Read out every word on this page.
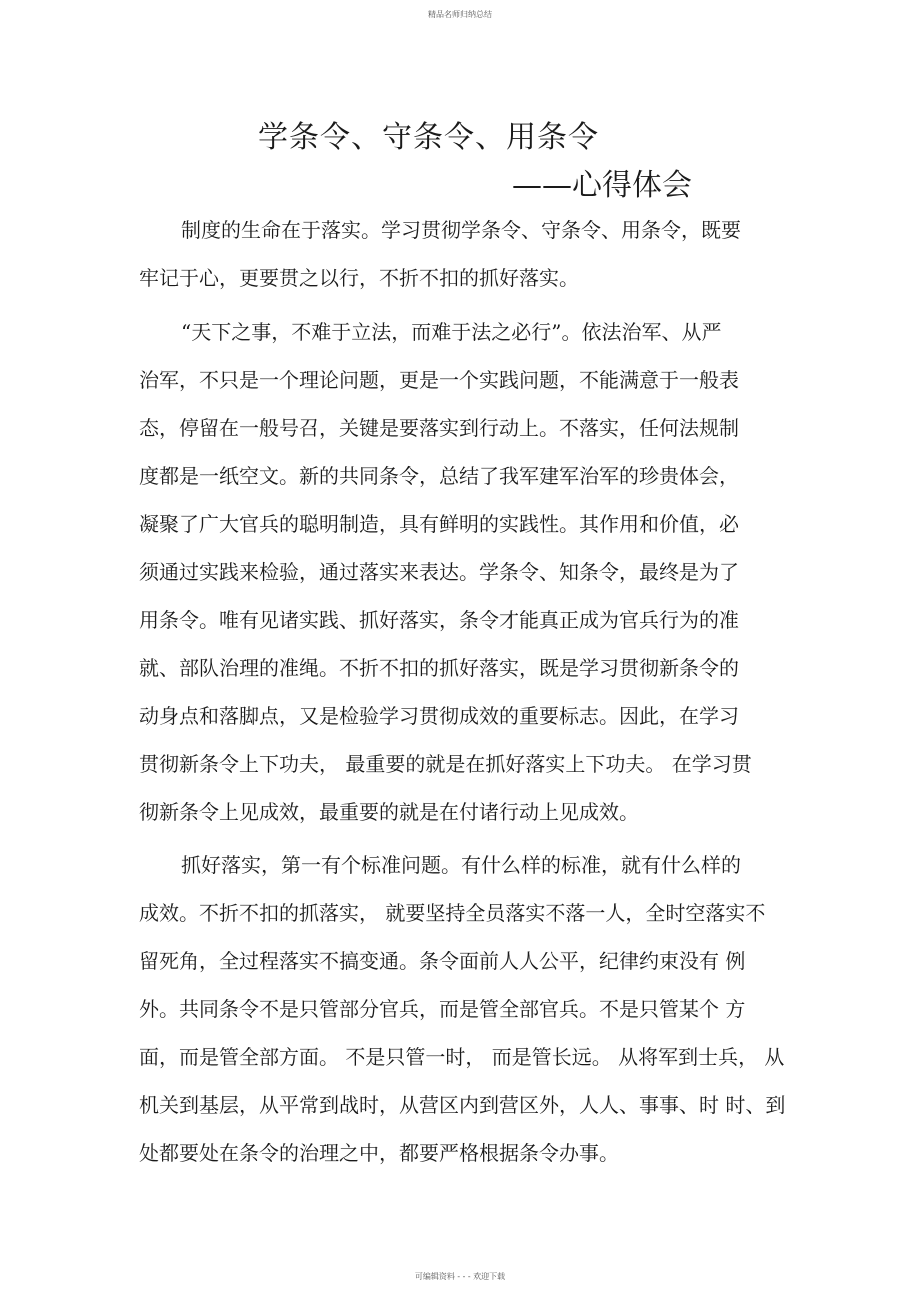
精品名师归纳总结
学条令、守条令、用条令
——心得体会
制度的生命在于落实。学习贯彻学条令、守条令、用条令，既要
牢记于心，更要贯之以行，不折不扣的抓好落实。
“天下之事，不难于立法，而难于法之必行”。依法治军、从严
治军，不只是一个理论问题，更是一个实践问题，不能满意于一般表
态，停留在一般号召，关键是要落实到行动上。不落实，任何法规制
度都是一纸空文。新的共同条令，总结了我军建军治军的珍贵体会，
凝聚了广大官兵的聪明制造，具有鲜明的实践性。其作用和价值，必
须通过实践来检验，通过落实来表达。学条令、知条令，最终是为了
用条令。唯有见诸实践、抓好落实，条令才能真正成为官兵行为的准
就、部队治理的准绳。不折不扣的抓好落实，既是学习贯彻新条令的
动身点和落脚点，又是检验学习贯彻成效的重要标志。因此，在学习
贯彻新条令上下功夫， 最重要的就是在抓好落实上下功夫。 在学习贯
彻新条令上见成效，最重要的就是在付诸行动上见成效。
抓好落实，第一有个标准问题。有什么样的标准，就有什么样的
成效。不折不扣的抓落实， 就要坚持全员落实不落一人，全时空落实不
留死角，全过程落实不搞变通。条令面前人人公平，纪律约束没有 例
外。共同条令不是只管部分官兵，而是管全部官兵。不是只管某个 方
面，而是管全部方面。 不是只管一时， 而是管长远。 从将军到士兵， 从
机关到基层，从平常到战时，从营区内到营区外，人人、事事、时 时、到
处都要处在条令的治理之中，都要严格根据条令办事。
可编辑资料 - - - 欢迎下载
